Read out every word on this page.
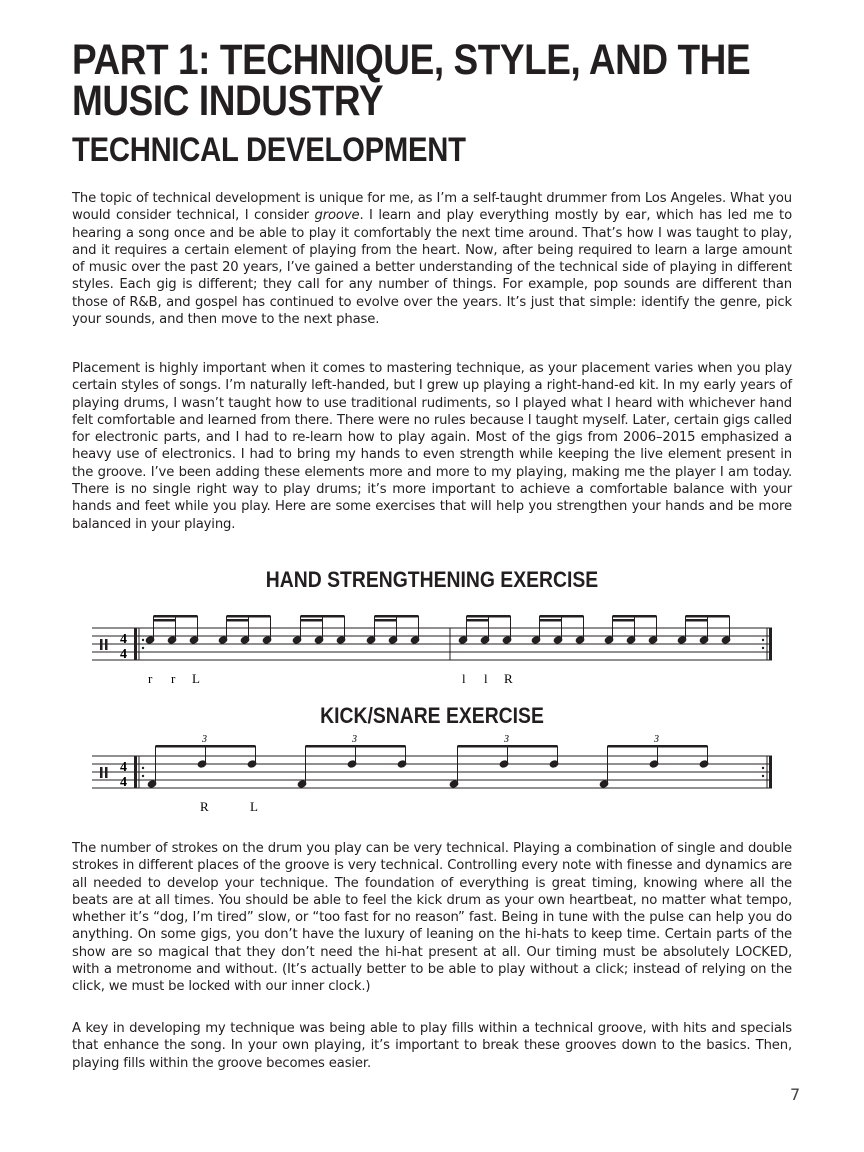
PART 1: TECHNIQUE, STYLE, AND THE
MUSIC INDUSTRY
TECHNICAL DEVELOPMENT

The topic of technical development is unique for me, as I’m a self-taught drummer from Los Angeles. What you would consider technical, I consider groove. I learn and play everything mostly by ear, which has led me to hearing a song once and be able to play it comfortably the next time around. That’s how I was taught to play, and it requires a certain element of playing from the heart. Now, after being required to learn a large amount of music over the past 20 years, I’ve gained a better understanding of the technical side of playing in different styles. Each gig is different; they call for any number of things. For example, pop sounds are different than those of R&B, and gospel has continued to evolve over the years. It’s just that simple: identify the genre, pick your sounds, and then move to the next phase.

Placement is highly important when it comes to mastering technique, as your placement varies when you play certain styles of songs. I’m naturally left-handed, but I grew up playing a right-hand-ed kit. In my early years of playing drums, I wasn’t taught how to use traditional rudiments, so I played what I heard with whichever hand felt comfortable and learned from there. There were no rules because I taught myself. Later, certain gigs called for electronic parts, and I had to re-learn how to play again. Most of the gigs from 2006–2015 emphasized a heavy use of electronics. I had to bring my hands to even strength while keeping the live element present in the groove. I’ve been adding these elements more and more to my playing, making me the player I am today. There is no single right way to play drums; it’s more important to achieve a comfortable balance with your hands and feet while you play. Here are some exercises that will help you strengthen your hands and be more balanced in your playing.

HAND STRENGTHENING EXERCISE
4
4
r r L	l l R
KICK/SNARE EXERCISE
4
4
3	3	3	3
R	L

The number of strokes on the drum you play can be very technical. Playing a combination of single and double strokes in different places of the groove is very technical. Controlling every note with finesse and dynamics are all needed to develop your technique. The foundation of everything is great timing, knowing where all the beats are at all times. You should be able to feel the kick drum as your own heartbeat, no matter what tempo, whether it’s “dog, I’m tired” slow, or “too fast for no reason” fast. Being in tune with the pulse can help you do anything. On some gigs, you don’t have the luxury of leaning on the hi-hats to keep time. Certain parts of the show are so magical that they don’t need the hi-hat present at all. Our timing must be absolutely LOCKED, with a metronome and without. (It’s actually better to be able to play without a click; instead of relying on the click, we must be locked with our inner clock.)

A key in developing my technique was being able to play fills within a technical groove, with hits and specials that enhance the song. In your own playing, it’s important to break these grooves down to the basics. Then, playing fills within the groove becomes easier.

7
